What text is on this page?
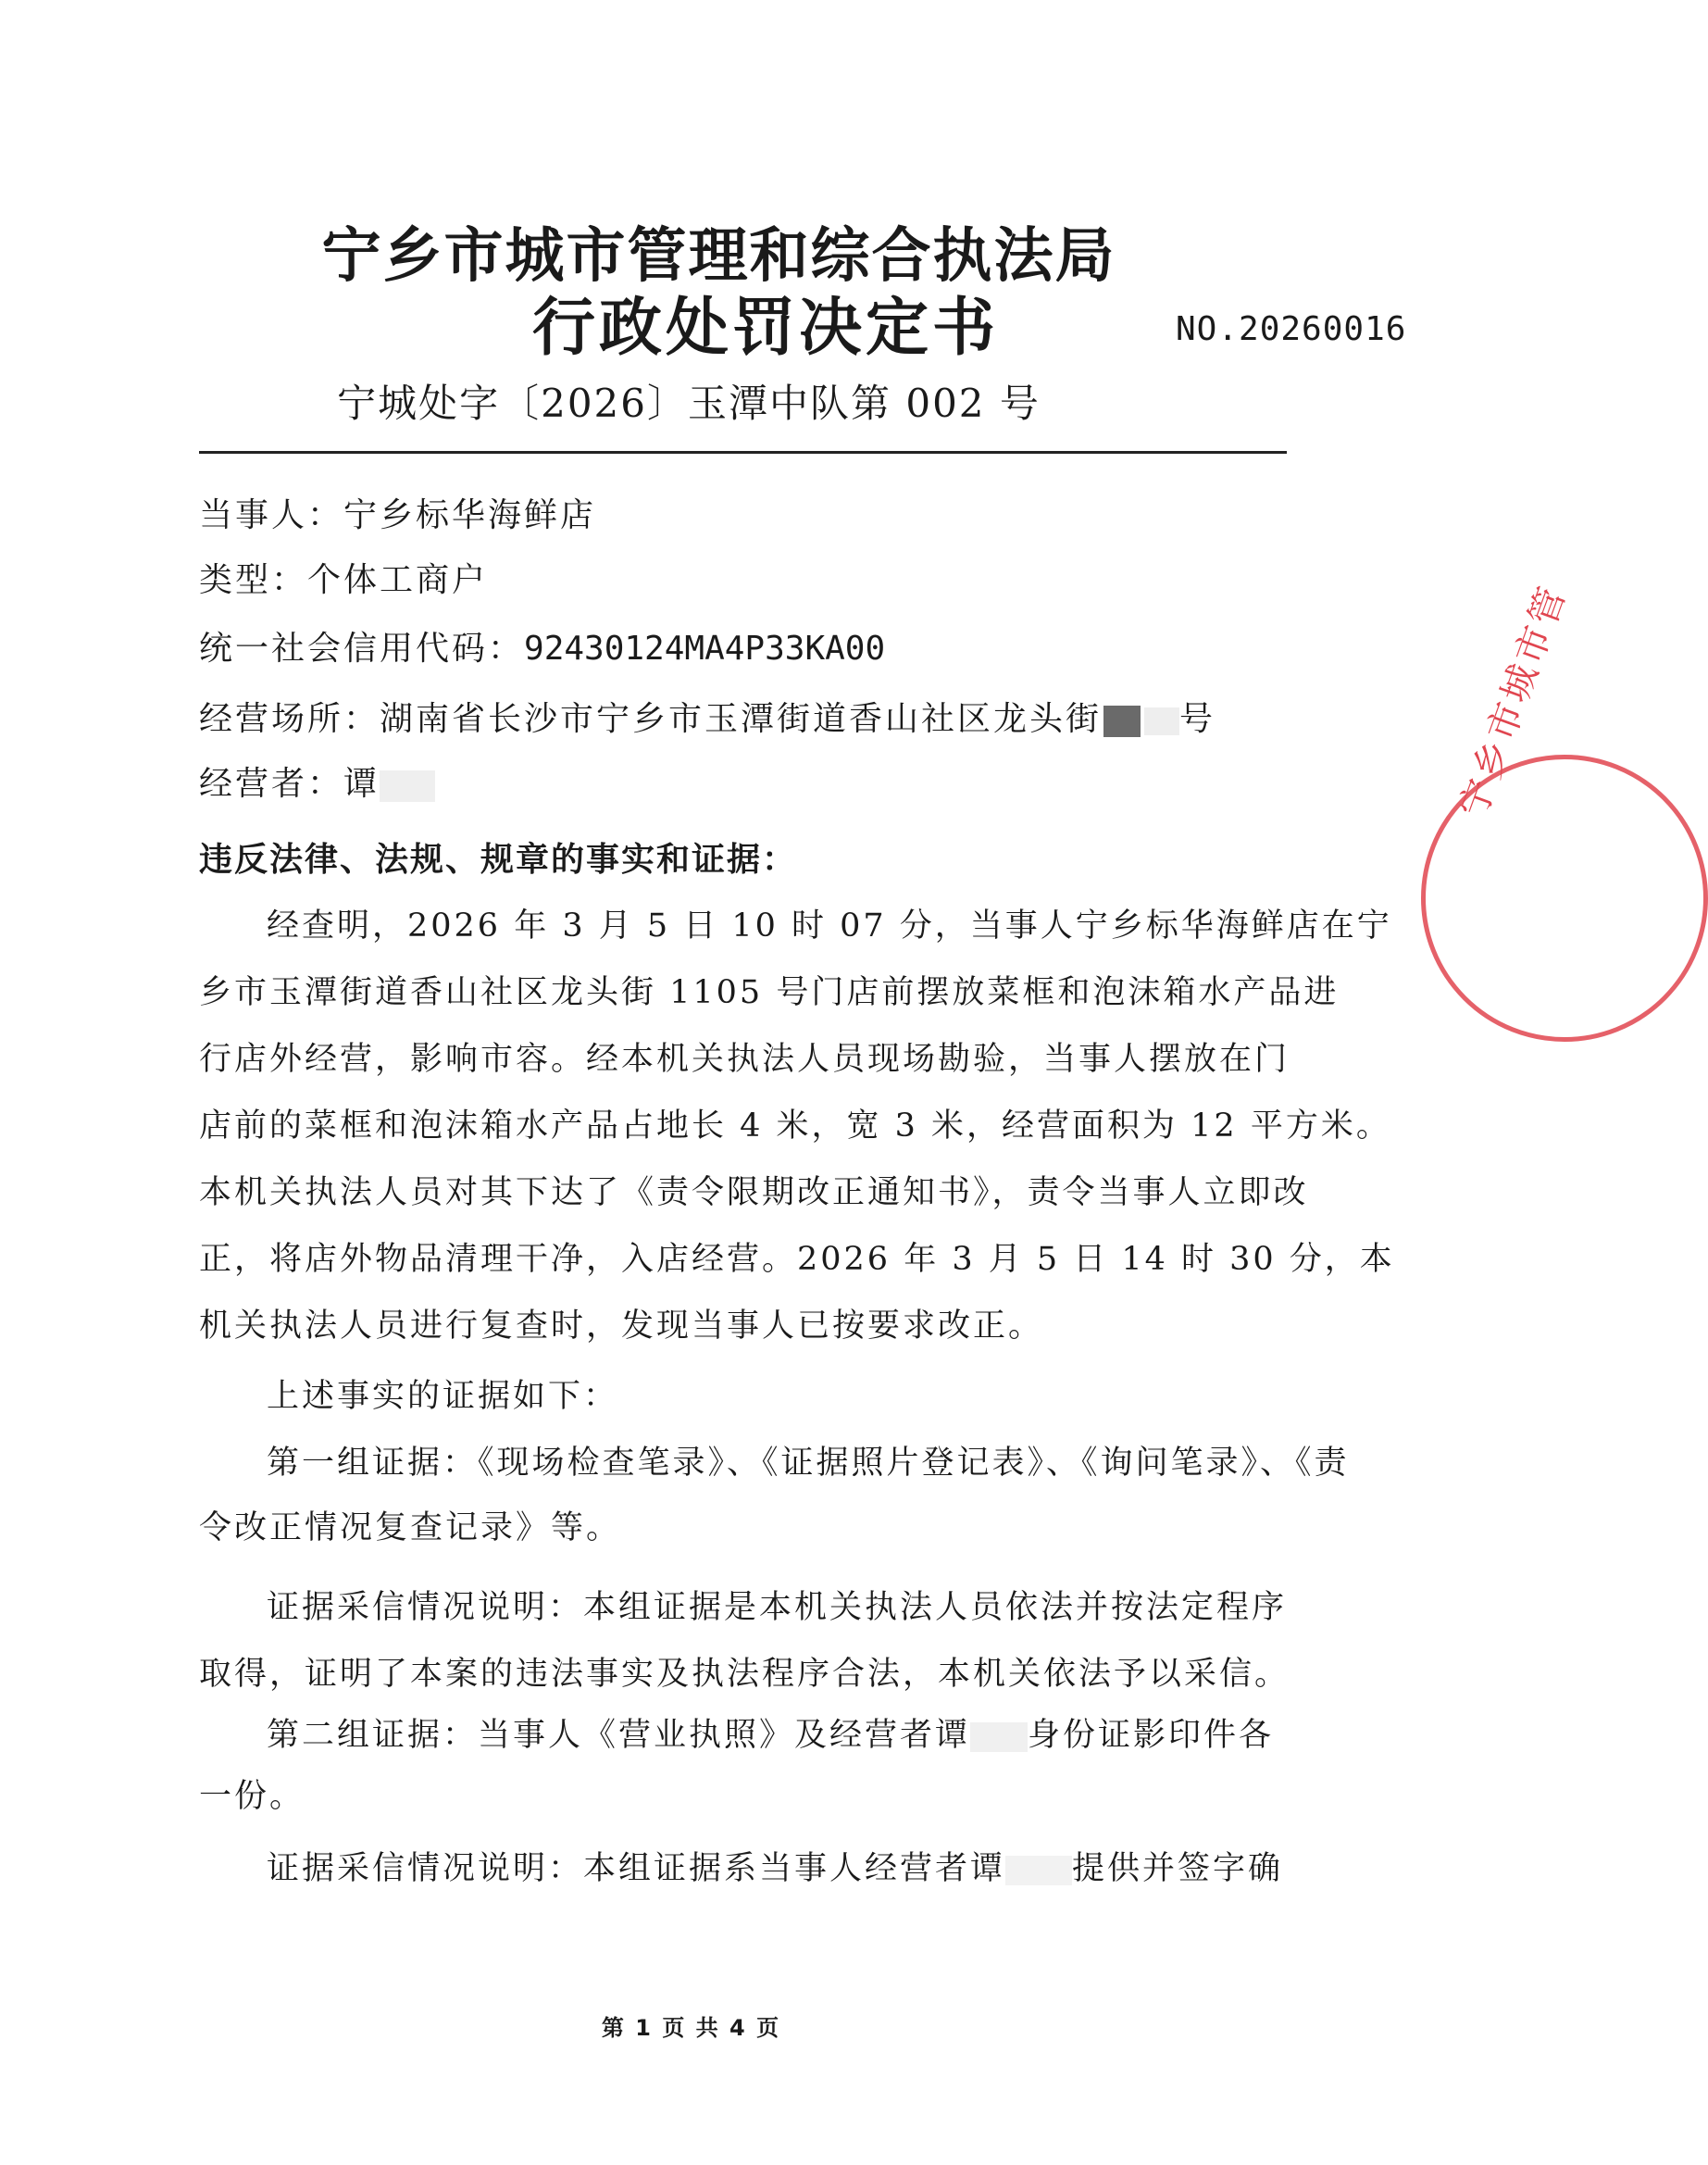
宁乡市城市管理和综合执法局
行政处罚决定书	NO.20260016
宁城处字〔2026〕玉潭中队第 002 号
当事人：宁乡标华海鲜店
类型：个体工商户
统一社会信用代码：92430124MA4P33KA00
经营场所：湖南省长沙市宁乡市玉潭街道香山社区龙头街 号
经营者：谭
违反法律、法规、规章的事实和证据：
经查明，2026 年 3 月 5 日 10 时 07 分，当事人宁乡标华海鲜店在宁
乡市玉潭街道香山社区龙头街 1105 号门店前摆放菜框和泡沫箱水产品进
行店外经营，影响市容。经本机关执法人员现场勘验，当事人摆放在门
店前的菜框和泡沫箱水产品占地长 4 米，宽 3 米，经营面积为 12 平方米。
本机关执法人员对其下达了《责令限期改正通知书》，责令当事人立即改
正，将店外物品清理干净，入店经营。2026 年 3 月 5 日 14 时 30 分，本
机关执法人员进行复查时，发现当事人已按要求改正。
上述事实的证据如下：
第一组证据：《现场检查笔录》、《证据照片登记表》、《询问笔录》、《责
令改正情况复查记录》等。
证据采信情况说明：本组证据是本机关执法人员依法并按法定程序
取得，证明了本案的违法事实及执法程序合法，本机关依法予以采信。
第二组证据：当事人《营业执照》及经营者谭 身份证影印件各
一份。
证据采信情况说明：本组证据系当事人经营者谭 提供并签字确
第 1 页 共 4 页
宁乡市城市管
